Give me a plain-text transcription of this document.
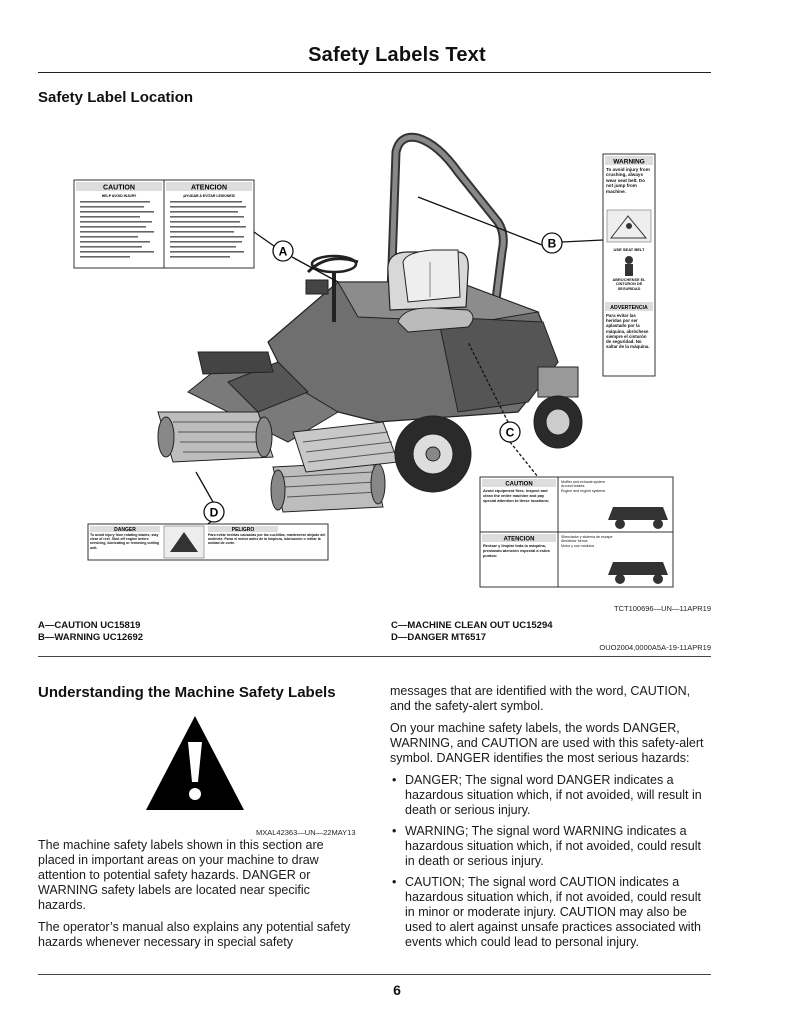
Safety Labels Text
Safety Label Location
CAUTION	ATENCION
HELP AVOID INJURY	¡AYUDAR A EVITAR LESIONES!
WARNING
To avoid injury from crushing, always wear seat belt. Do not jump from machine.
USE SEAT BELT
ABROCHENSE EL CINTURON DE SEGURIDAD
ADVERTENCIA
Para evitar las heridas por ser aplastado por la máquina, abróchese siempre el cinturón de seguridad. No saltar de la máquina.
CAUTION
Avoid equipment fires. Inspect and clean the entire machine and pay special attention to these locations:
ATENCION
Revisar y limpiar toda la máquina, prestando atención especial a estos puntos:
Muffler and exhaust system
Around brakes
Engine and engine systems
Silenciador y sistema de escape
Alrededor frenos
Motor y sus módulos
DANGER
To avoid injury from rotating blades, stay clear of reel. Shut off engine before servicing, lubricating or removing cutting unit.
PELIGRO
Para evitar heridas causadas por las cuchillas, mantenerse alejado del molinete. Parar el motor antes de la limpieza, lubricación o retirar la unidad de corte.
A
B
C
D
TCT100696—UN—11APR19
A—CAUTION UC15819
B—WARNING UC12692
C—MACHINE CLEAN OUT UC15294
D—DANGER MT6517
OUO2004,0000A5A-19-11APR19
Understanding the Machine Safety Labels
MXAL42363—UN—22MAY13

The machine safety labels shown in this section are placed in important areas on your machine to draw attention to potential safety hazards. DANGER or WARNING safety labels are located near specific hazards.

The operator’s manual also explains any potential safety hazards whenever necessary in special safety

messages that are identified with the word, CAUTION, and the safety-alert symbol.

On your machine safety labels, the words DANGER, WARNING, and CAUTION are used with this safety-alert symbol. DANGER identifies the most serious hazards:

• DANGER; The signal word DANGER indicates a hazardous situation which, if not avoided, will result in death or serious injury.
• WARNING; The signal word WARNING indicates a hazardous situation which, if not avoided, could result in death or serious injury.
• CAUTION; The signal word CAUTION indicates a hazardous situation which, if not avoided, could result in minor or moderate injury. CAUTION may also be used to alert against unsafe practices associated with events which could lead to personal injury.
6
